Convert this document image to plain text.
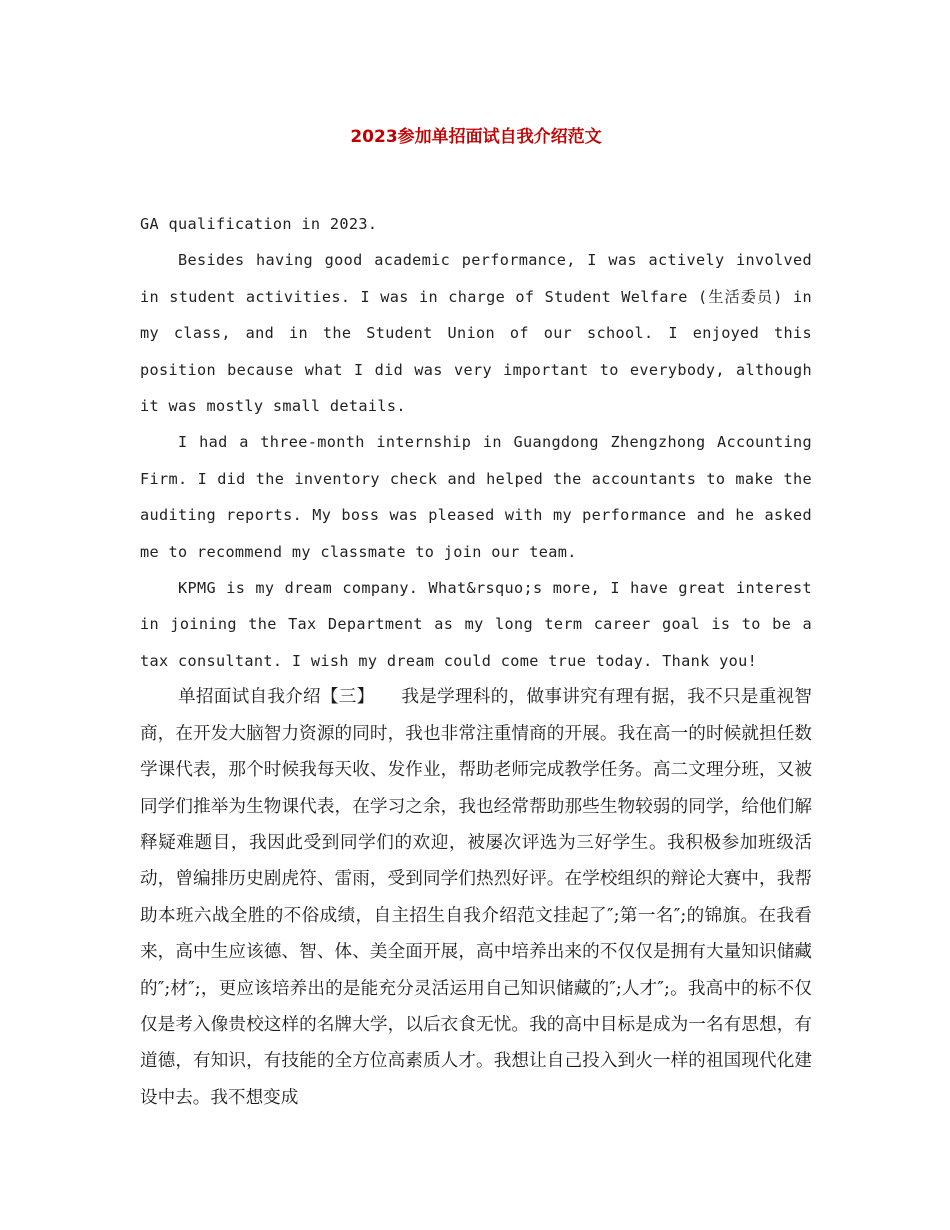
2023参加单招面试自我介绍范文

GA qualification in 2023.

Besides having good academic performance, I was actively involved in student activities. I was in charge of Student Welfare (生活委员) in my class, and in the Student Union of our school. I enjoyed this position because what I did was very important to everybody, although it was mostly small details.

I had a three-month internship in Guangdong Zhengzhong Accounting Firm. I did the inventory check and helped the accountants to make the auditing reports. My boss was pleased with my performance and he asked me to recommend my classmate to join our team.

KPMG is my dream company. What&rsquo;s more, I have great interest in joining the Tax Department as my long term career goal is to be a tax consultant. I wish my dream could come true today. Thank you!

单招面试自我介绍【三】　　我是学理科的，做事讲究有理有据，我不只是重视智商，在开发大脑智力资源的同时，我也非常注重情商的开展。我在高一的时候就担任数学课代表，那个时候我每天收、发作业，帮助老师完成教学任务。高二文理分班，又被同学们推举为生物课代表，在学习之余，我也经常帮助那些生物较弱的同学，给他们解释疑难题目，我因此受到同学们的欢迎，被屡次评选为三好学生。我积极参加班级活动，曾编排历史剧虎符、雷雨，受到同学们热烈好评。在学校组织的辩论大赛中，我帮助本班六战全胜的不俗成绩，自主招生自我介绍范文挂起了″;第一名″;的锦旗。在我看来，高中生应该德、智、体、美全面开展，高中培养出来的不仅仅是拥有大量知识储藏的″;材″;，更应该培养出的是能充分灵活运用自己知识储藏的″;人才″;。我高中的标不仅仅是考入像贵校这样的名牌大学，以后衣食无忧。我的高中目标是成为一名有思想，有道德，有知识，有技能的全方位高素质人才。我想让自己投入到火一样的祖国现代化建设中去。我不想变成
